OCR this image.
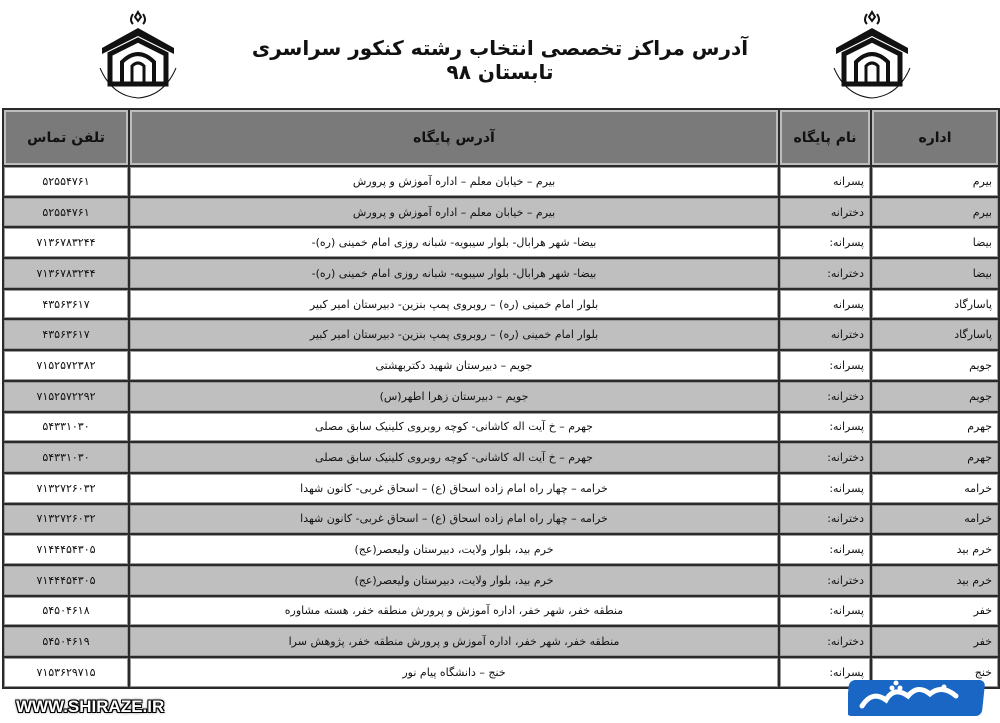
آدرس مراکز تخصصی انتخاب رشته کنکور سراسری تابستان ۹۸
اداره	نام پایگاه	آدرس پایگاه	تلفن تماس
بیرم	پسرانه	بیرم – خیابان معلم – اداره آموزش و پرورش	۵۲۵۵۴۷۶۱
بیرم	دخترانه	بیرم – خیابان معلم – اداره آموزش و پرورش	۵۲۵۵۴۷۶۱
بیضا	پسرانه:	بیضا- شهر هرابال- بلوار سیبویه- شبانه روزی امام خمینی (ره)-	۷۱۳۶۷۸۳۲۴۴
بیضا	دخترانه:	بیضا- شهر هرابال- بلوار سیبویه- شبانه روزی امام خمینی (ره)-	۷۱۳۶۷۸۳۲۴۴
پاسارگاد	پسرانه	بلوار امام خمینی (ره) – روبروی پمپ بنزین- دبیرستان امیر کبیر	۴۳۵۶۳۶۱۷
پاسارگاد	دخترانه	بلوار امام خمینی (ره) – روبروی پمپ بنزین- دبیرستان امیر کبیر	۴۳۵۶۳۶۱۷
جویم	پسرانه:	جویم – دبیرستان شهید دکتربهشتی	۷۱۵۲۵۷۲۳۸۲
جویم	دخترانه:	جویم – دبیرستان زهرا اطهر(س)	۷۱۵۲۵۷۲۲۹۲
جهرم	پسرانه:	جهرم – خ آیت اله کاشانی- کوچه روبروی کلینیک سابق مصلی	۵۴۳۳۱۰۳۰
جهرم	دخترانه:	جهرم – خ آیت اله کاشانی- کوچه روبروی کلینیک سابق مصلی	۵۴۳۳۱۰۳۰
خرامه	پسرانه:	خرامه – چهار راه امام زاده اسحاق (ع) – اسحاق غربی- کانون شهدا	۷۱۳۲۷۲۶۰۳۲
خرامه	دخترانه:	خرامه – چهار راه امام زاده اسحاق (ع) – اسحاق غربی- کانون شهدا	۷۱۳۲۷۲۶۰۳۲
خرم بید	پسرانه:	خرم بید، بلوار ولایت، دبیرستان ولیعصر(عج)	۷۱۴۴۴۵۴۳۰۵
خرم بید	دخترانه:	خرم بید، بلوار ولایت، دبیرستان ولیعصر(عج)	۷۱۴۴۴۵۴۳۰۵
خفر	پسرانه:	منطقه خفر، شهر خفر، اداره آموزش و پرورش منطقه خفر، هسته مشاوره	۵۴۵۰۴۶۱۸
خفر	دخترانه:	منطقه خفر، شهر خفر، اداره آموزش و پرورش منطقه خفر، پژوهش سرا	۵۴۵۰۴۶۱۹
خنج	پسرانه:	خنج – دانشگاه پیام نور	۷۱۵۳۶۲۹۷۱۵
WWW.SHIRAZE.IR
